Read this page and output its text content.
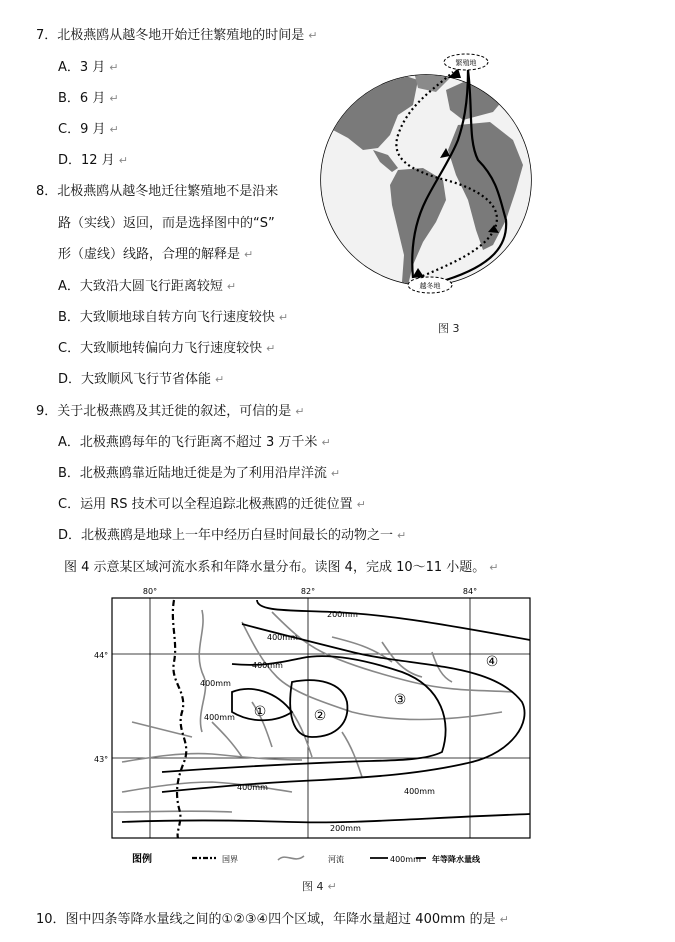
7．北极燕鸥从越冬地开始迁往繁殖地的时间是 ↵
A．3 月 ↵
B．6 月 ↵
C．9 月 ↵
D．12 月 ↵
8．北极燕鸥从越冬地迁往繁殖地不是沿来
路（实线）返回，而是选择图中的“S”
形（虚线）线路，合理的解释是 ↵
A．大致沿大圆飞行距离较短 ↵
B．大致顺地球自转方向飞行速度较快 ↵
C．大致顺地转偏向力飞行速度较快 ↵
D．大致顺风飞行节省体能 ↵
9．关于北极燕鸥及其迁徙的叙述，可信的是 ↵
A．北极燕鸥每年的飞行距离不超过 3 万千米 ↵
B．北极燕鸥靠近陆地迁徙是为了利用沿岸洋流 ↵
C．运用 RS 技术可以全程追踪北极燕鸥的迁徙位置 ↵
D．北极燕鸥是地球上一年中经历白昼时间最长的动物之一 ↵
图 4 示意某区域河流水系和年降水量分布。读图 4，完成 10～11 小题。 ↵
繁殖地
越冬地
图 3
80°	82°	84°
44°
43°
200mm
400mm
400mm
400mm
400mm
400mm	400mm
200mm
①	②
③
④
图例	国界	河流	400mm 年等降水量线
图 4 ↵
10．图中四条等降水量线之间的①②③④四个区域，年降水量超过 400mm 的是 ↵
